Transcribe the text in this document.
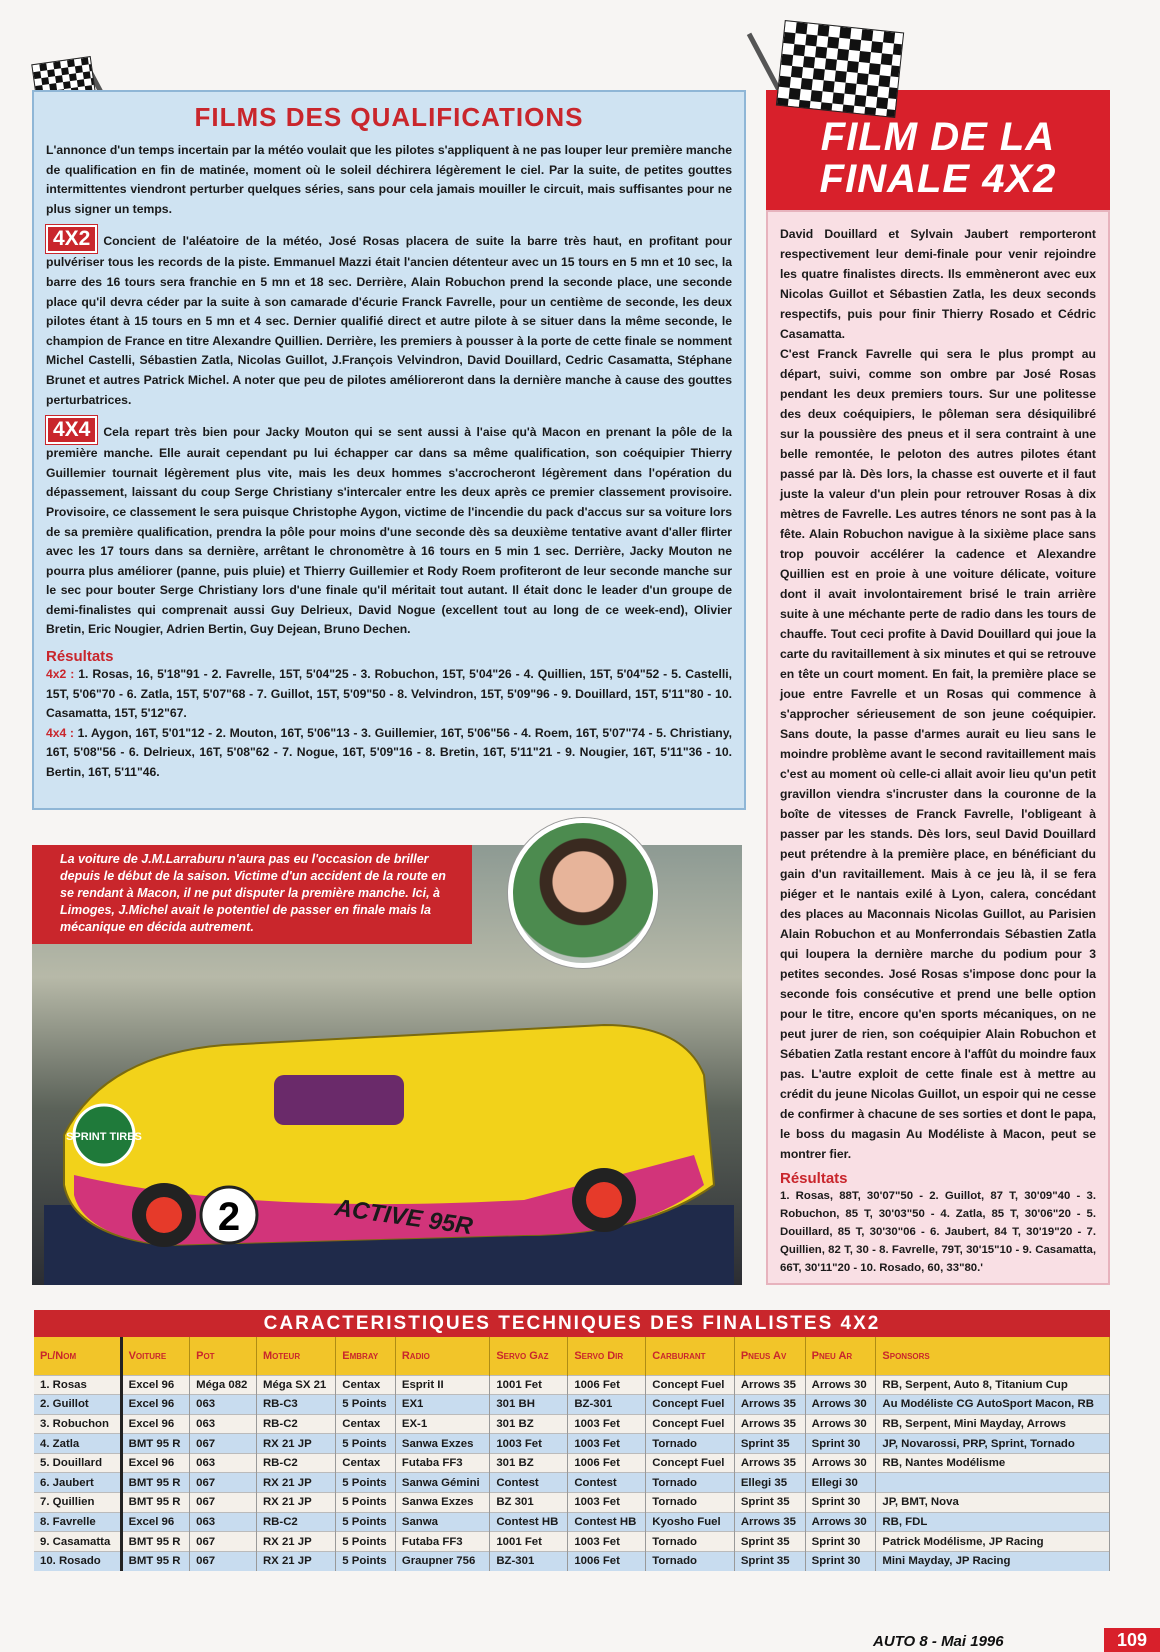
FILMS DES QUALIFICATIONS

L'annonce d'un temps incertain par la météo voulait que les pilotes s'appliquent à ne pas louper leur première manche de qualification en fin de matinée, moment où le soleil déchirera légèrement le ciel. Par la suite, de petites gouttes intermittentes viendront perturber quelques séries, sans pour cela jamais mouiller le circuit, mais suffisantes pour ne plus signer un temps.

4X2 Concient de l'aléatoire de la météo, José Rosas placera de suite la barre très haut, en profitant pour pulvériser tous les records de la piste. Emmanuel Mazzi était l'ancien détenteur avec un 15 tours en 5 mn et 10 sec, la barre des 16 tours sera franchie en 5 mn et 18 sec. Derrière, Alain Robuchon prend la seconde place, une seconde place qu'il devra céder par la suite à son camarade d'écurie Franck Favrelle, pour un centième de seconde, les deux pilotes étant à 15 tours en 5 mn et 4 sec. Dernier qualifié direct et autre pilote à se situer dans la même seconde, le champion de France en titre Alexandre Quillien. Derrière, les premiers à pousser à la porte de cette finale se nomment Michel Castelli, Sébastien Zatla, Nicolas Guillot, J.François Velvindron, David Douillard, Cedric Casamatta, Stéphane Brunet et autres Patrick Michel. A noter que peu de pilotes amélioreront dans la dernière manche à cause des gouttes perturbatrices.

4X4 Cela repart très bien pour Jacky Mouton qui se sent aussi à l'aise qu'à Macon en prenant la pôle de la première manche. Elle aurait cependant pu lui échapper car dans sa même qualification, son coéquipier Thierry Guillemier tournait légèrement plus vite, mais les deux hommes s'accrocheront légèrement dans l'opération du dépassement, laissant du coup Serge Christiany s'intercaler entre les deux après ce premier classement provisoire. Provisoire, ce classement le sera puisque Christophe Aygon, victime de l'incendie du pack d'accus sur sa voiture lors de sa première qualification, prendra la pôle pour moins d'une seconde dès sa deuxième tentative avant d'aller flirter avec les 17 tours dans sa dernière, arrêtant le chronomètre à 16 tours en 5 min 1 sec. Derrière, Jacky Mouton ne pourra plus améliorer (panne, puis pluie) et Thierry Guillemier et Rody Roem profiteront de leur seconde manche sur le sec pour bouter Serge Christiany lors d'une finale qu'il méritait tout autant. Il était donc le leader d'un groupe de demi-finalistes qui comprenait aussi Guy Delrieux, David Nogue (excellent tout au long de ce week-end), Olivier Bretin, Eric Nougier, Adrien Bertin, Guy Dejean, Bruno Dechen.

Résultats

4x2 : 1. Rosas, 16, 5'18"91 - 2. Favrelle, 15T, 5'04"25 - 3. Robuchon, 15T, 5'04"26 - 4. Quillien, 15T, 5'04"52 - 5. Castelli, 15T, 5'06"70 - 6. Zatla, 15T, 5'07"68 - 7. Guillot, 15T, 5'09"50 - 8. Velvindron, 15T, 5'09"96 - 9. Douillard, 15T, 5'11"80 - 10. Casamatta, 15T, 5'12"67.

4x4 : 1. Aygon, 16T, 5'01"12 - 2. Mouton, 16T, 5'06"13 - 3. Guillemier, 16T, 5'06"56 - 4. Roem, 16T, 5'07"74 - 5. Christiany, 16T, 5'08"56 - 6. Delrieux, 16T, 5'08"62 - 7. Nogue, 16T, 5'09"16 - 8. Bretin, 16T, 5'11"21 - 9. Nougier, 16T, 5'11"36 - 10. Bertin, 16T, 5'11"46.

SPRINT TIRES
2	ACTIVE 95R
La voiture de J.M.Larraburu n'aura pas eu l'occasion de briller depuis le début de la saison. Victime d'un accident de la route en se rendant à Macon, il ne put disputer la première manche. Ici, à Limoges, J.Michel avait le potentiel de passer en finale mais la mécanique en décida autrement.
FILM DE LA
FINALE 4X2

David Douillard et Sylvain Jaubert remporteront respectivement leur demi-finale pour venir rejoindre les quatre finalistes directs. Ils emmèneront avec eux Nicolas Guillot et Sébastien Zatla, les deux seconds respectifs, puis pour finir Thierry Rosado et Cédric Casamatta.

C'est Franck Favrelle qui sera le plus prompt au départ, suivi, comme son ombre par José Rosas pendant les deux premiers tours. Sur une politesse des deux coéquipiers, le pôleman sera désiquilibré sur la poussière des pneus et il sera contraint à une belle remontée, le peloton des autres pilotes étant passé par là. Dès lors, la chasse est ouverte et il faut juste la valeur d'un plein pour retrouver Rosas à dix mètres de Favrelle. Les autres ténors ne sont pas à la fête. Alain Robuchon navigue à la sixième place sans trop pouvoir accélérer la cadence et Alexandre Quillien est en proie à une voiture délicate, voiture dont il avait involontairement brisé le train arrière suite à une méchante perte de radio dans les tours de chauffe. Tout ceci profite à David Douillard qui joue la carte du ravitaillement à six minutes et qui se retrouve en tête un court moment. En fait, la première place se joue entre Favrelle et un Rosas qui commence à s'approcher sérieusement de son jeune coéquipier. Sans doute, la passe d'armes aurait eu lieu sans le moindre problème avant le second ravitaillement mais c'est au moment où celle-ci allait avoir lieu qu'un petit gravillon viendra s'incruster dans la couronne de la boîte de vitesses de Franck Favrelle, l'obligeant à passer par les stands. Dès lors, seul David Douillard peut prétendre à la première place, en bénéficiant du gain d'un ravitaillement. Mais à ce jeu là, il se fera piéger et le nantais exilé à Lyon, calera, concédant des places au Maconnais Nicolas Guillot, au Parisien Alain Robuchon et au Monferrondais Sébastien Zatla qui loupera la dernière marche du podium pour 3 petites secondes. José Rosas s'impose donc pour la seconde fois consécutive et prend une belle option pour le titre, encore qu'en sports mécaniques, on ne peut jurer de rien, son coéquipier Alain Robuchon et Sébatien Zatla restant encore à l'affût du moindre faux pas. L'autre exploit de cette finale est à mettre au crédit du jeune Nicolas Guillot, un espoir qui ne cesse de confirmer à chacune de ses sorties et dont le papa, le boss du magasin Au Modéliste à Macon, peut se montrer fier.

Résultats

1. Rosas, 88T, 30'07"50 - 2. Guillot, 87 T, 30'09"40 - 3. Robuchon, 85 T, 30'03"50 - 4. Zatla, 85 T, 30'06"20 - 5. Douillard, 85 T, 30'30"06 - 6. Jaubert, 84 T, 30'19"20 - 7. Quillien, 82 T, 30 - 8. Favrelle, 79T, 30'15"10 - 9. Casamatta, 66T, 30'11"20 - 10. Rosado, 60, 33"80.'

CARACTERISTIQUES TECHNIQUES DES FINALISTES 4X2
Pl/Nom	Voiture	Pot	Moteur	Embray	Radio	Servo Gaz	Servo Dir	Carburant	Pneus Av	Pneu Ar	Sponsors
1. Rosas	Excel 96	Méga 082	Méga SX 21	Centax	Esprit II	1001 Fet	1006 Fet	Concept Fuel	Arrows 35	Arrows 30	RB, Serpent, Auto 8, Titanium Cup
2. Guillot	Excel 96	063	RB-C3	5 Points	EX1	301 BH	BZ-301	Concept Fuel	Arrows 35	Arrows 30	Au Modéliste CG AutoSport Macon, RB
3. Robuchon	Excel 96	063	RB-C2	Centax	EX-1	301 BZ	1003 Fet	Concept Fuel	Arrows 35	Arrows 30	RB, Serpent, Mini Mayday, Arrows
4. Zatla	BMT 95 R	067	RX 21 JP	5 Points	Sanwa Exzes	1003 Fet	1003 Fet	Tornado	Sprint 35	Sprint 30	JP, Novarossi, PRP, Sprint, Tornado
5. Douillard	Excel 96	063	RB-C2	Centax	Futaba FF3	301 BZ	1006 Fet	Concept Fuel	Arrows 35	Arrows 30	RB, Nantes Modélisme
6. Jaubert	BMT 95 R	067	RX 21 JP	5 Points	Sanwa Gémini	Contest	Contest	Tornado	Ellegi 35	Ellegi 30	
7. Quillien	BMT 95 R	067	RX 21 JP	5 Points	Sanwa Exzes	BZ 301	1003 Fet	Tornado	Sprint 35	Sprint 30	JP, BMT, Nova
8. Favrelle	Excel 96	063	RB-C2	5 Points	Sanwa	Contest HB	Contest HB	Kyosho Fuel	Arrows 35	Arrows 30	RB, FDL
9. Casamatta	BMT 95 R	067	RX 21 JP	5 Points	Futaba FF3	1001 Fet	1003 Fet	Tornado	Sprint 35	Sprint 30	Patrick Modélisme, JP Racing
10. Rosado	BMT 95 R	067	RX 21 JP	5 Points	Graupner 756	BZ-301	1006 Fet	Tornado	Sprint 35	Sprint 30	Mini Mayday, JP Racing
AUTO 8 - Mai 1996	109
